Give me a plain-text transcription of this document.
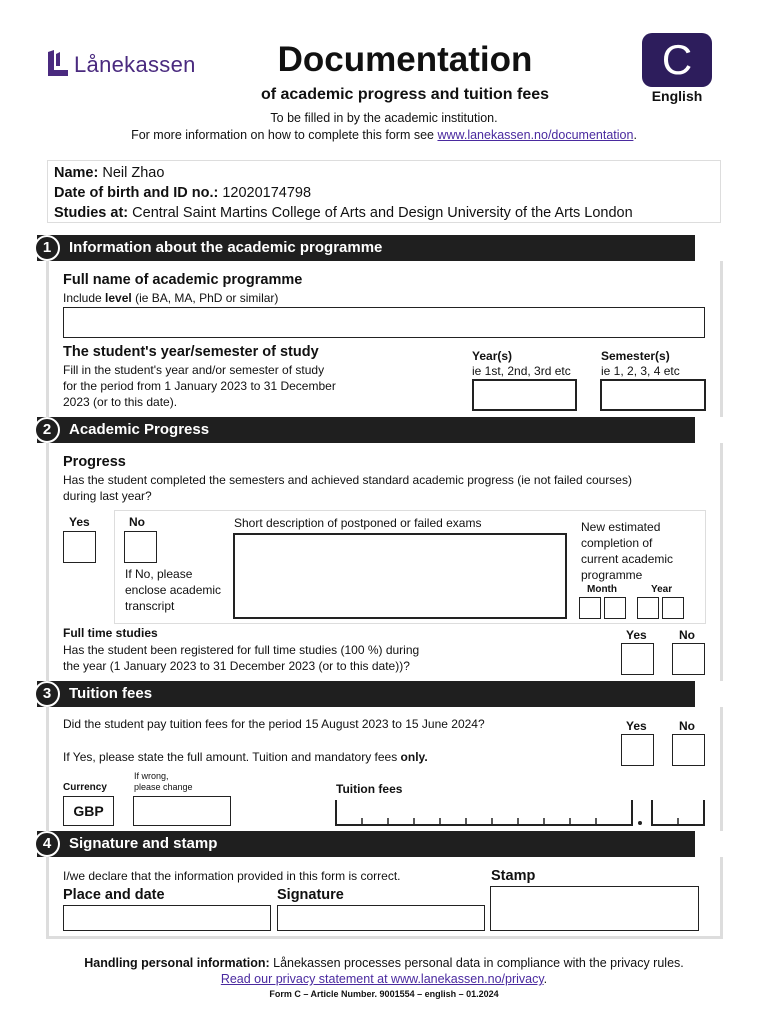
Lånekassen	Documentation
of academic progress and tuition fees
C
English
To be filled in by the academic institution.
For more information on how to complete this form see www.lanekassen.no/documentation.
Name: Neil Zhao
Date of birth and ID no.: 12020174798
Studies at: Central Saint Martins College of Arts and Design University of the Arts London
1	Information about the academic programme
Full name of academic programme
Include level (ie BA, MA, PhD or similar)
The student's year/semester of study
Fill in the student's year and/or semester of study
for the period from 1 January 2023 to 31 December
2023 (or to this date).
Year(s)
ie 1st, 2nd, 3rd etc
Semester(s)
ie 1, 2, 3, 4 etc
2	Academic Progress
Progress
Has the student completed the semesters and achieved standard academic progress (ie not failed courses)
during last year?
Yes	No
If No, please
enclose academic
transcript
Short description of postponed or failed exams	New estimated
completion of
current academic
programme
Month	Year
Full time studies
Has the student been registered for full time studies (100 %) during
the year (1 January 2023 to 31 December 2023 (or to this date))?
Yes	No
3	Tuition fees
Did the student pay tuition fees for the period 15 August 2023 to 15 June 2024?	Yes	No
If Yes, please state the full amount. Tuition and mandatory fees only.
Currency
GBP
If wrong,
please change	Tuition fees
4	Signature and stamp
I/we declare that the information provided in this form is correct.
Place and date	Signature
Stamp
Handling personal information: Lånekassen processes personal data in compliance with the privacy rules.
Read our privacy statement at www.lanekassen.no/privacy.
Form C – Article Number. 9001554 – english – 01.2024
